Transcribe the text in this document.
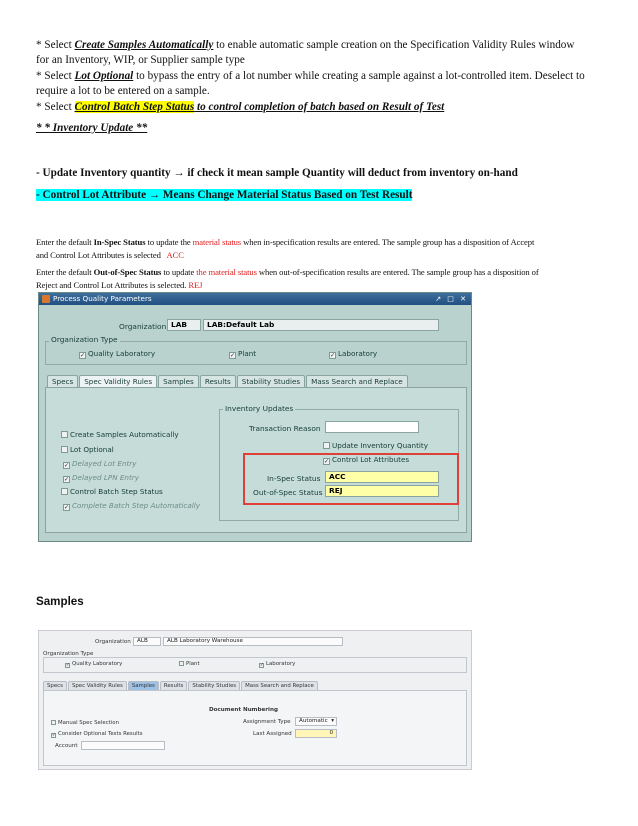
* Select Create Samples Automatically to enable automatic sample creation on the Specification Validity Rules window
for an Inventory, WIP, or Supplier sample type
* Select Lot Optional to bypass the entry of a lot number while creating a sample against a lot-controlled item. Deselect to
require a lot to be entered on a sample.
* Select Control Batch Step Status to control completion of batch based on Result of Test
* * Inventory Update **
- Update Inventory quantity → if check it mean sample Quantity will deduct from inventory on-hand
- Control Lot Attribute → Means Change Material Status Based on Test Result
Enter the default In-Spec Status to update the material status when in-specification results are entered. The sample group has a disposition of Accept
and Control Lot Attributes is selected ACC
Enter the default Out-of-Spec Status to update the material status when out-of-specification results are entered. The sample group has a disposition of
Reject and Control Lot Attributes is selected. REJ
Process Quality Parameters	↗ □ ✕
Organization LAB	LAB:Default Lab
Organization Type
✓ Quality Laboratory	✓ Plant	✓ Laboratory
Specs Spec Validity Rules Samples Results Stability Studies Mass Search and Replace
Create Samples Automatically
Lot Optional
✓ Delayed Lot Entry
✓ Delayed LPN Entry
Control Batch Step Status
✓ Complete Batch Step Automatically
Inventory Updates
Transaction Reason
Update Inventory Quantity
✓ Control Lot Attributes
In-Spec Status	ACC
Out-of-Spec Status REJ
Samples
Organization	ALB	ALB Laboratory Warehouse
Organization Type
✓ Quality Laboratory	Plant	✓ Laboratory
Specs Spec Validity Rules Samples Results Stability Studies Mass Search and Replace
Document Numbering
Assignment Type	Automatic ▾
Last Assigned	0
Manual Spec Selection
✓ Consider Optional Tests Results
Account
